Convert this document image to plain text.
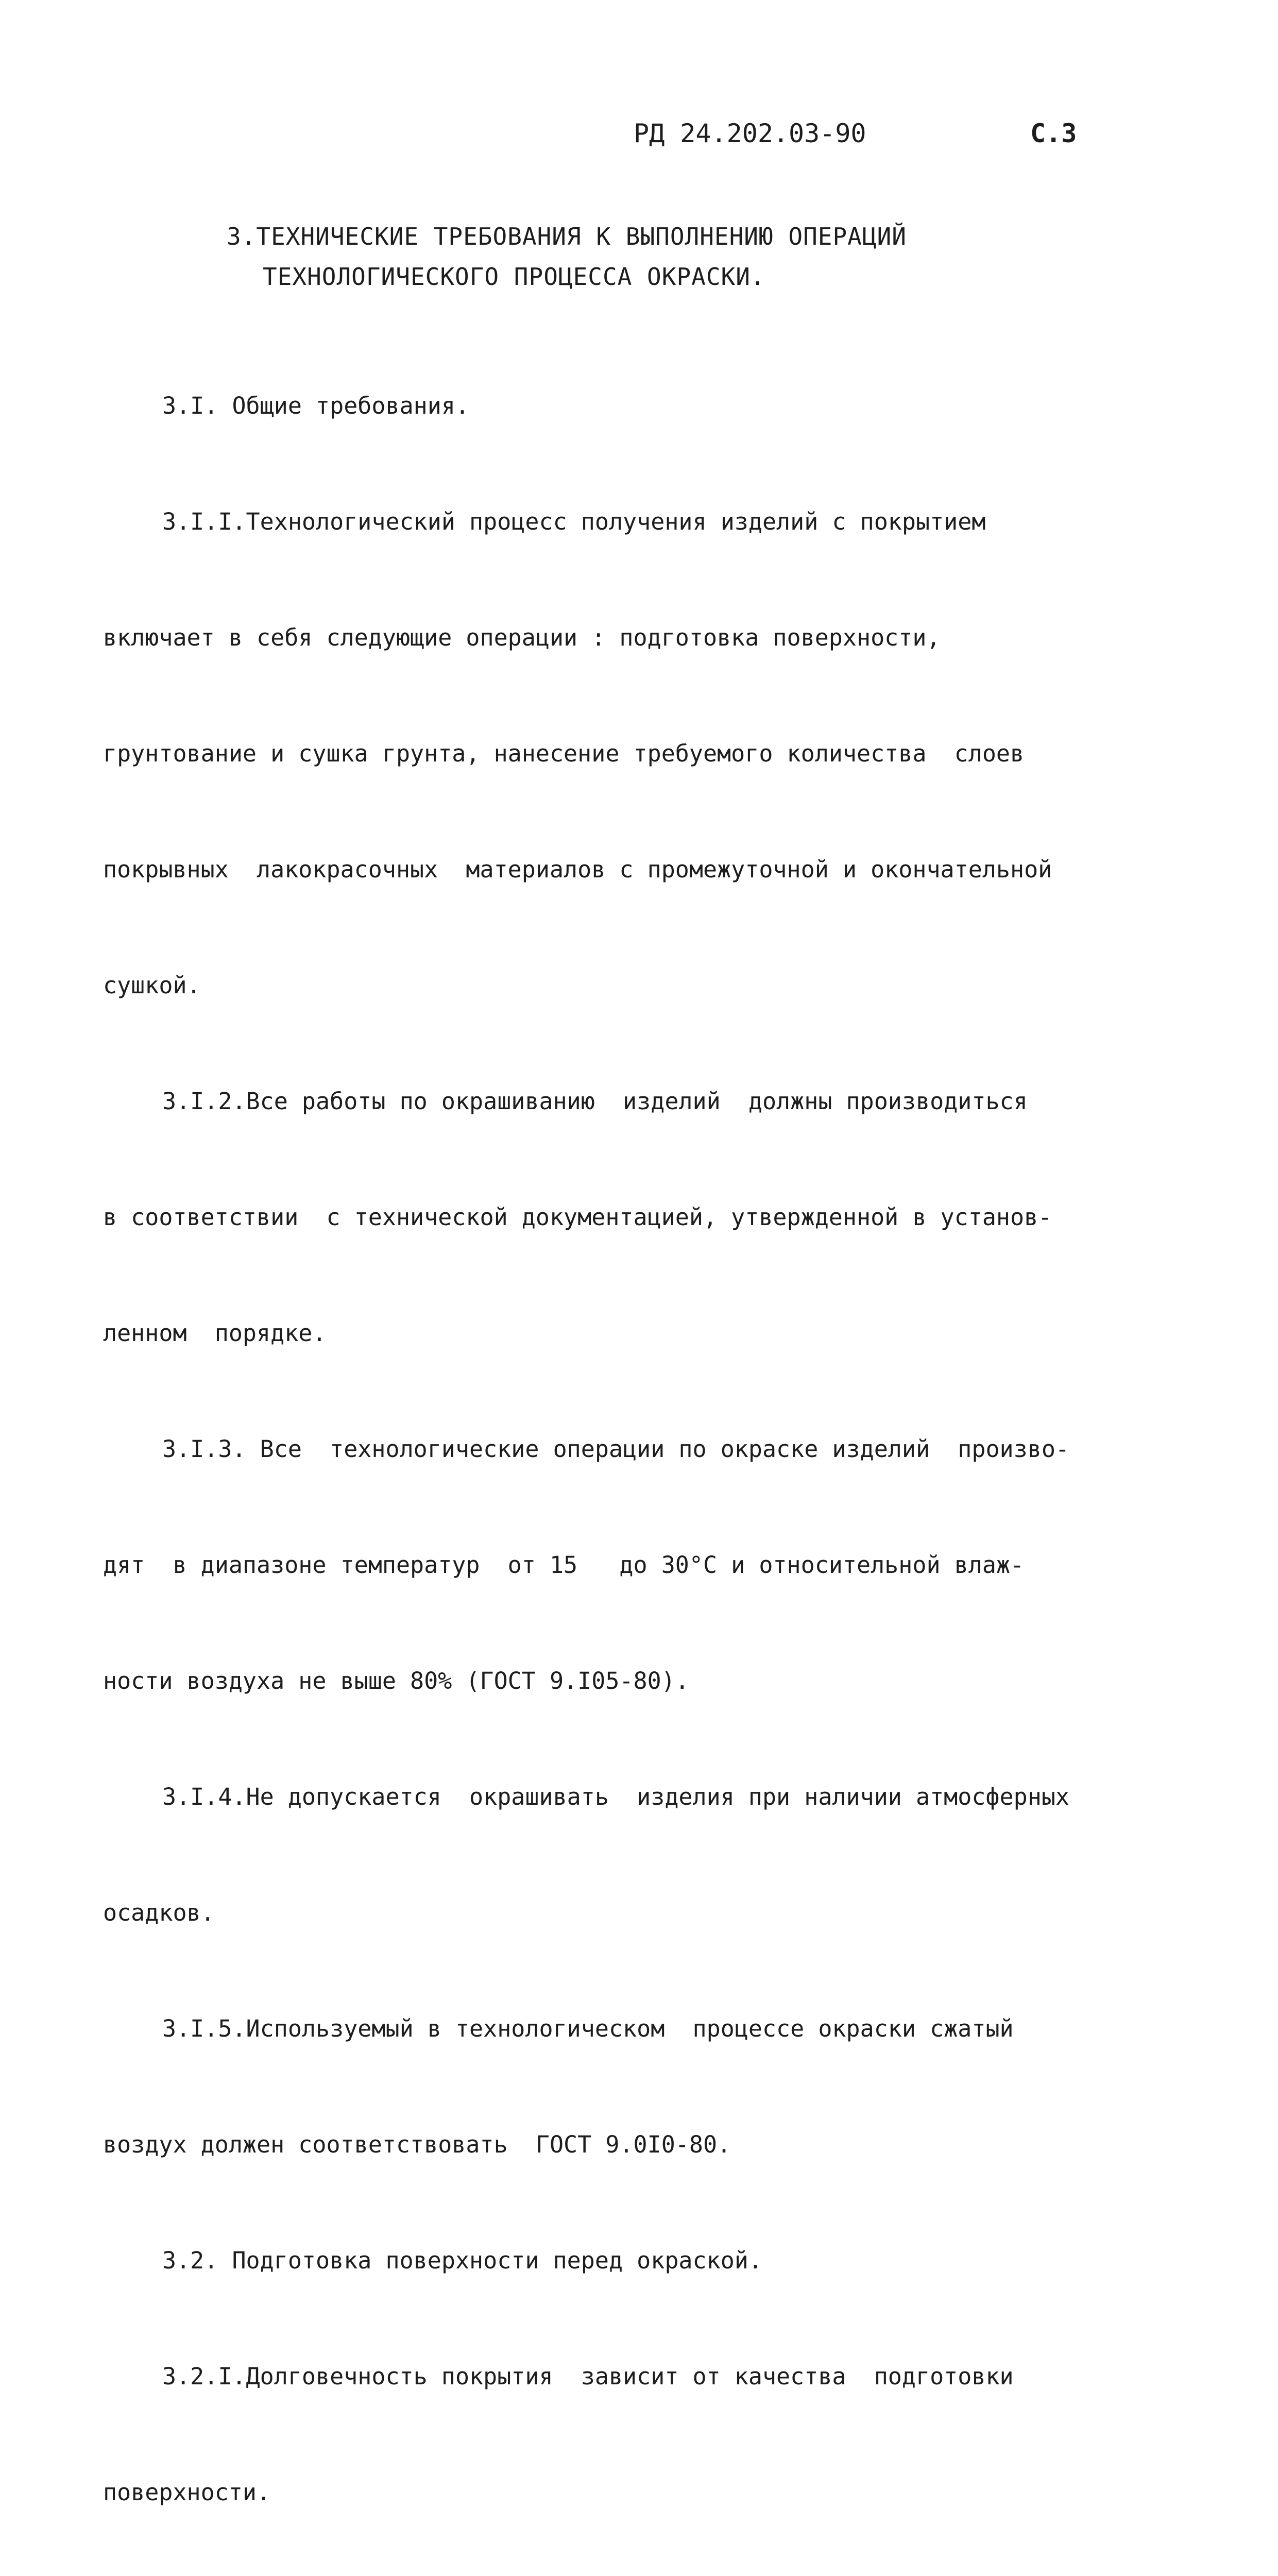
РД 24.202.03-90	С.3
3.ТЕХНИЧЕСКИЕ ТРЕБОВАНИЯ К ВЫПОЛНЕНИЮ ОПЕРАЦИЙ
ТЕХНОЛОГИЧЕСКОГО ПРОЦЕССА ОКРАСКИ.

3.I. Общие требования.

3.I.I.Технологический процесс получения изделий с покрытием

включает в себя следующие операции : подготовка поверхности,

грунтование и сушка грунта, нанесение требуемого количества  слоев

покрывных  лакокрасочных  материалов с промежуточной и окончательной

сушкой.

3.I.2.Все работы по окрашиванию  изделий  должны производиться

в соответствии  с технической документацией, утвержденной в установ-

ленном  порядке.

3.I.3. Все  технологические операции по окраске изделий  произво-

дят  в диапазоне температур  от 15   до 30°С и относительной влаж-

ности воздуха не выше 80% (ГОСТ 9.I05-80).

3.I.4.Не допускается  окрашивать  изделия при наличии атмосферных

осадков.

3.I.5.Используемый в технологическом  процессе окраски сжатый

воздух должен соответствовать  ГОСТ 9.0I0-80.

3.2. Подготовка поверхности перед окраской.

3.2.I.Долговечность покрытия  зависит от качества  подготовки

поверхности.
